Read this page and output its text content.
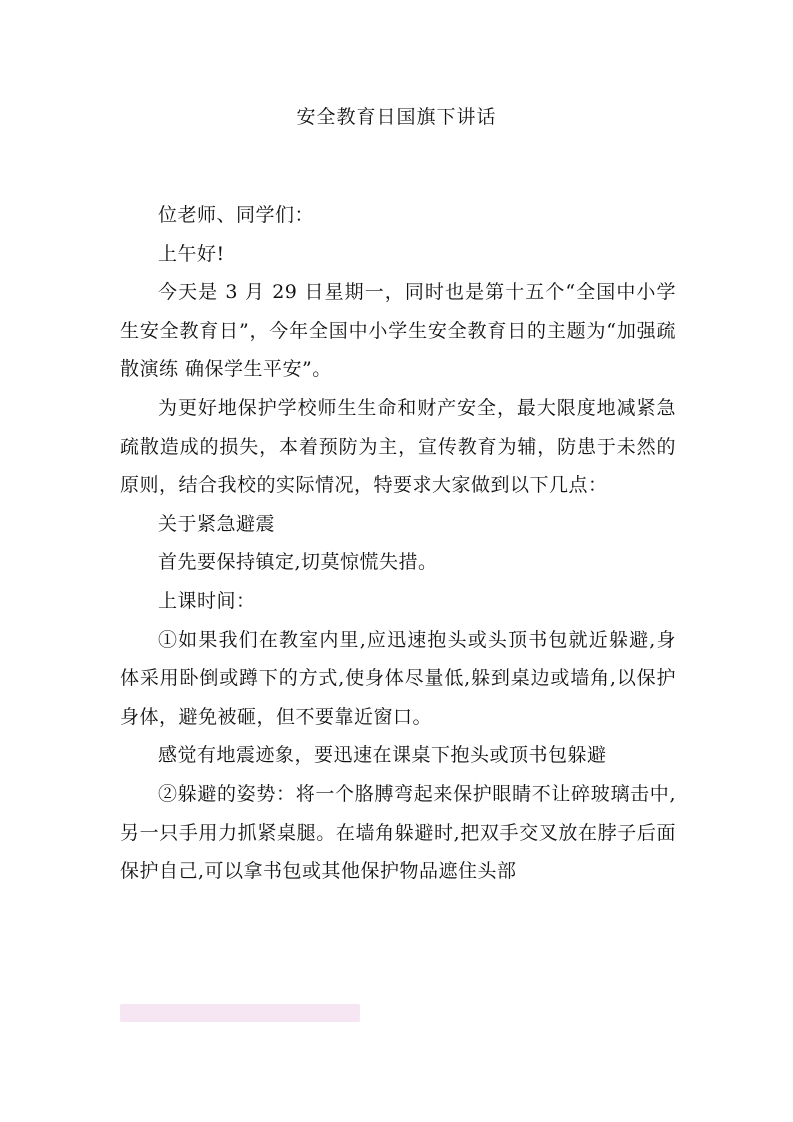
安全教育日国旗下讲话

位老师、同学们：

上午好!

今天是 3 月 29 日星期一，同时也是第十五个“全国中小学生安全教育日”，今年全国中小学生安全教育日的主题为“加强疏散演练 确保学生平安”。

为更好地保护学校师生生命和财产安全，最大限度地减紧急疏散造成的损失，本着预防为主，宣传教育为辅，防患于未然的原则，结合我校的实际情况，特要求大家做到以下几点：

关于紧急避震

首先要保持镇定,切莫惊慌失措。

上课时间：

①如果我们在教室内里,应迅速抱头或头顶书包就近躲避,身体采用卧倒或蹲下的方式,使身体尽量低,躲到桌边或墙角,以保护身体，避免被砸，但不要靠近窗口。

感觉有地震迹象，要迅速在课桌下抱头或顶书包躲避

②躲避的姿势：将一个胳膊弯起来保护眼睛不让碎玻璃击中,另一只手用力抓紧桌腿。在墙角躲避时,把双手交叉放在脖子后面保护自己,可以拿书包或其他保护物品遮住头部
